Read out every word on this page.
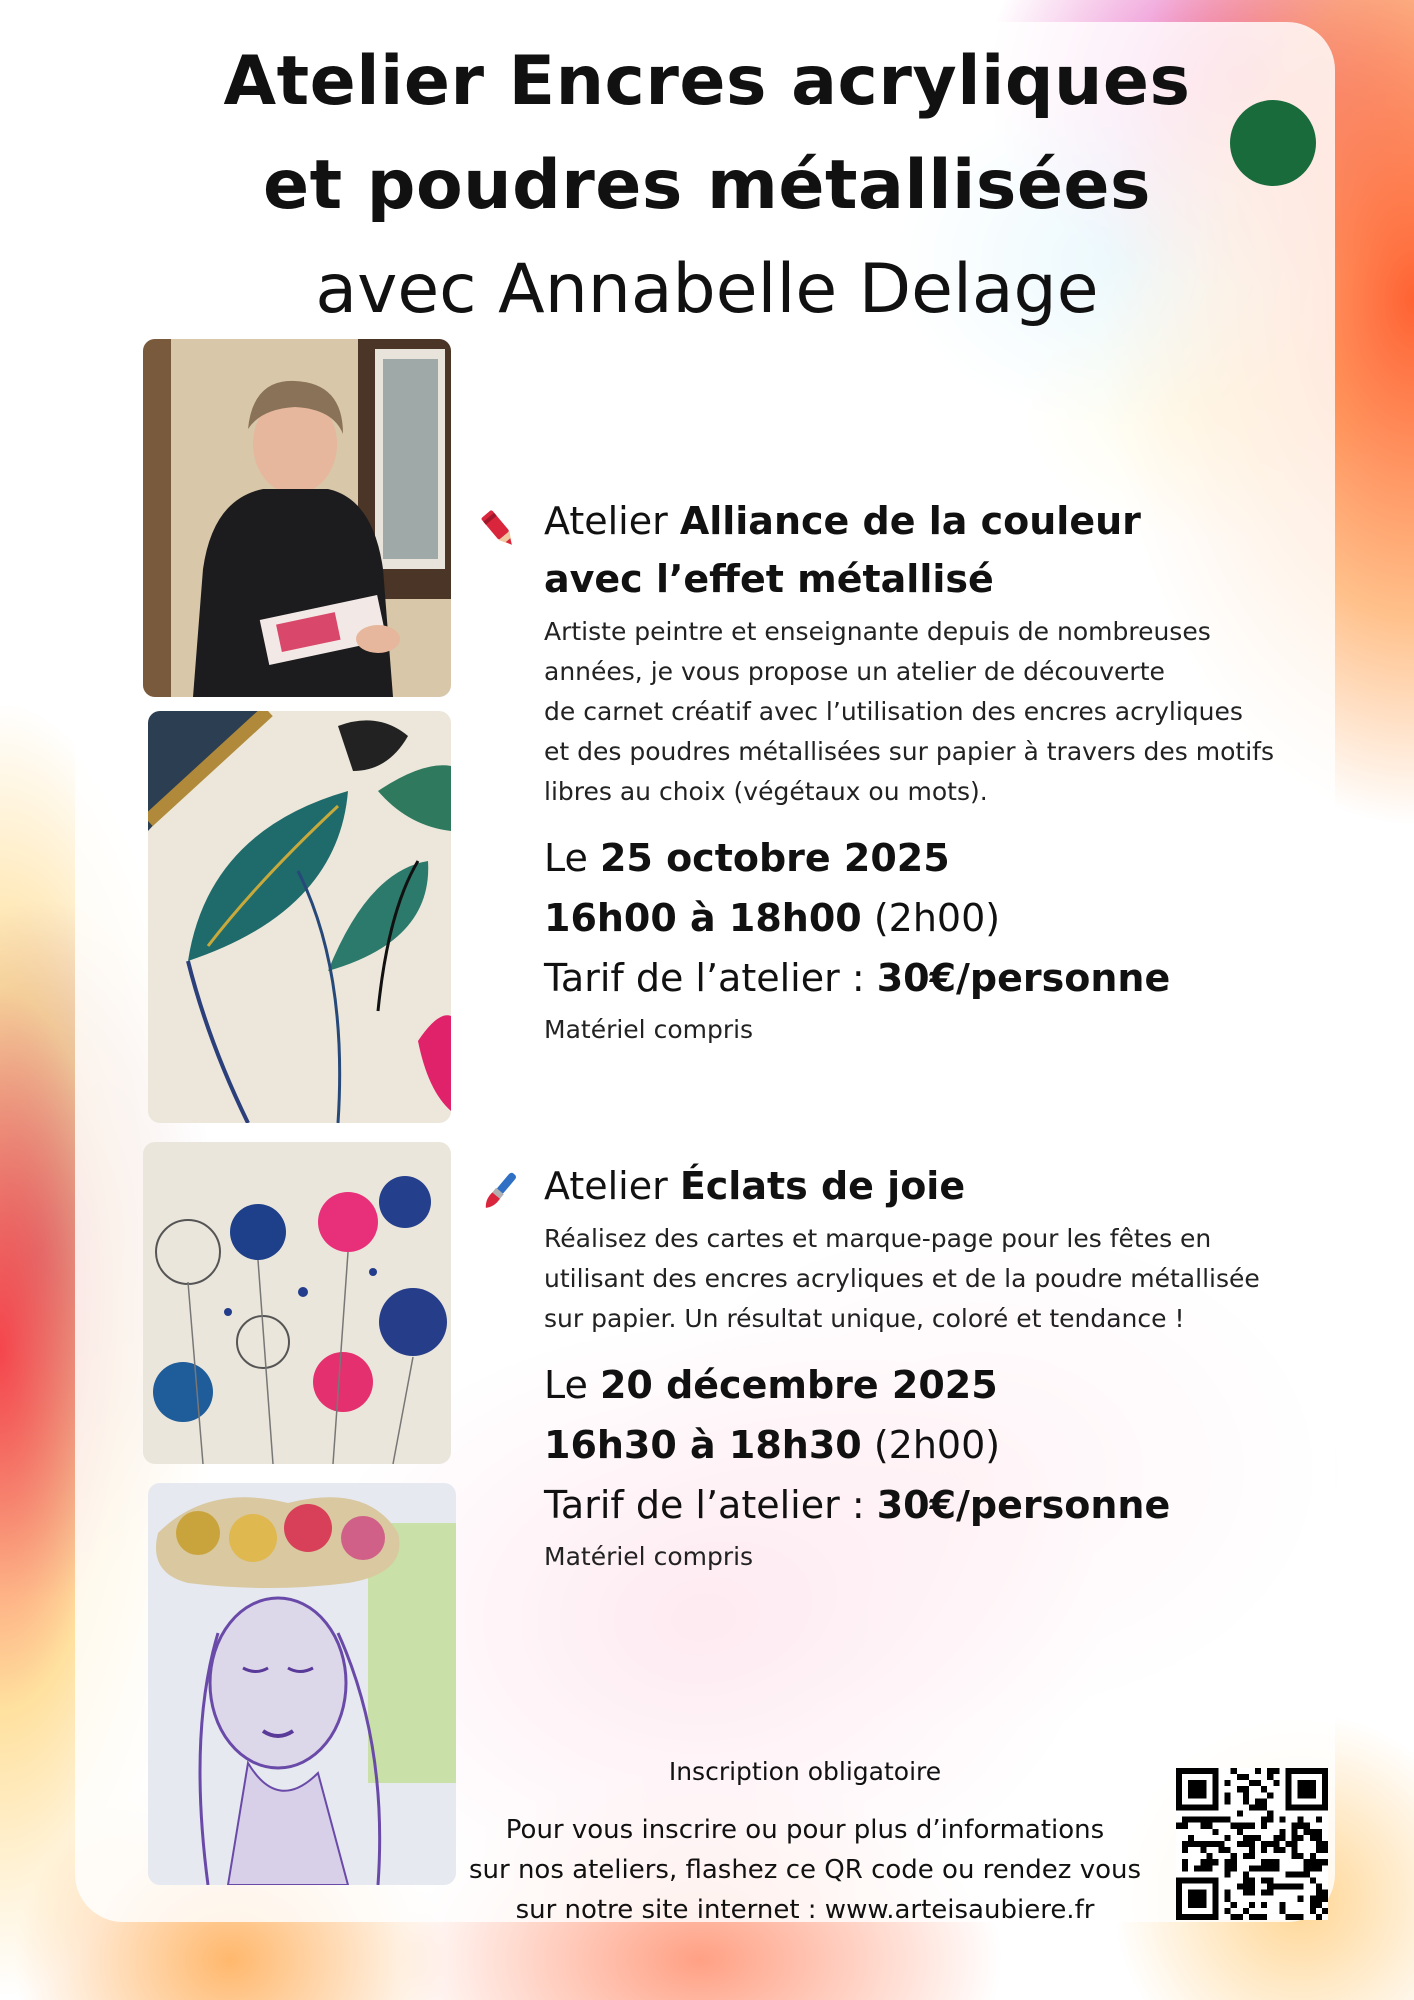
Atelier Encres acryliques
et poudres métallisées
avec Annabelle Delage
Atelier Alliance de la couleur
avec l’effet métallisé
Artiste peintre et enseignante depuis de nombreuses
années, je vous propose un atelier de découverte
de carnet créatif avec l’utilisation des encres acryliques
et des poudres métallisées sur papier à travers des motifs
libres au choix (végétaux ou mots).
Le 25 octobre 2025
16h00 à 18h00 (2h00)
Tarif de l’atelier : 30€/personne
Matériel compris
Atelier Éclats de joie
Réalisez des cartes et marque-page pour les fêtes en
utilisant des encres acryliques et de la poudre métallisée
sur papier. Un résultat unique, coloré et tendance !
Le 20 décembre 2025
16h30 à 18h30 (2h00)
Tarif de l’atelier : 30€/personne
Matériel compris
Inscription obligatoire
Pour vous inscrire ou pour plus d’informations
sur nos ateliers, flashez ce QR code ou rendez vous
sur notre site internet : www.arteisaubiere.fr
